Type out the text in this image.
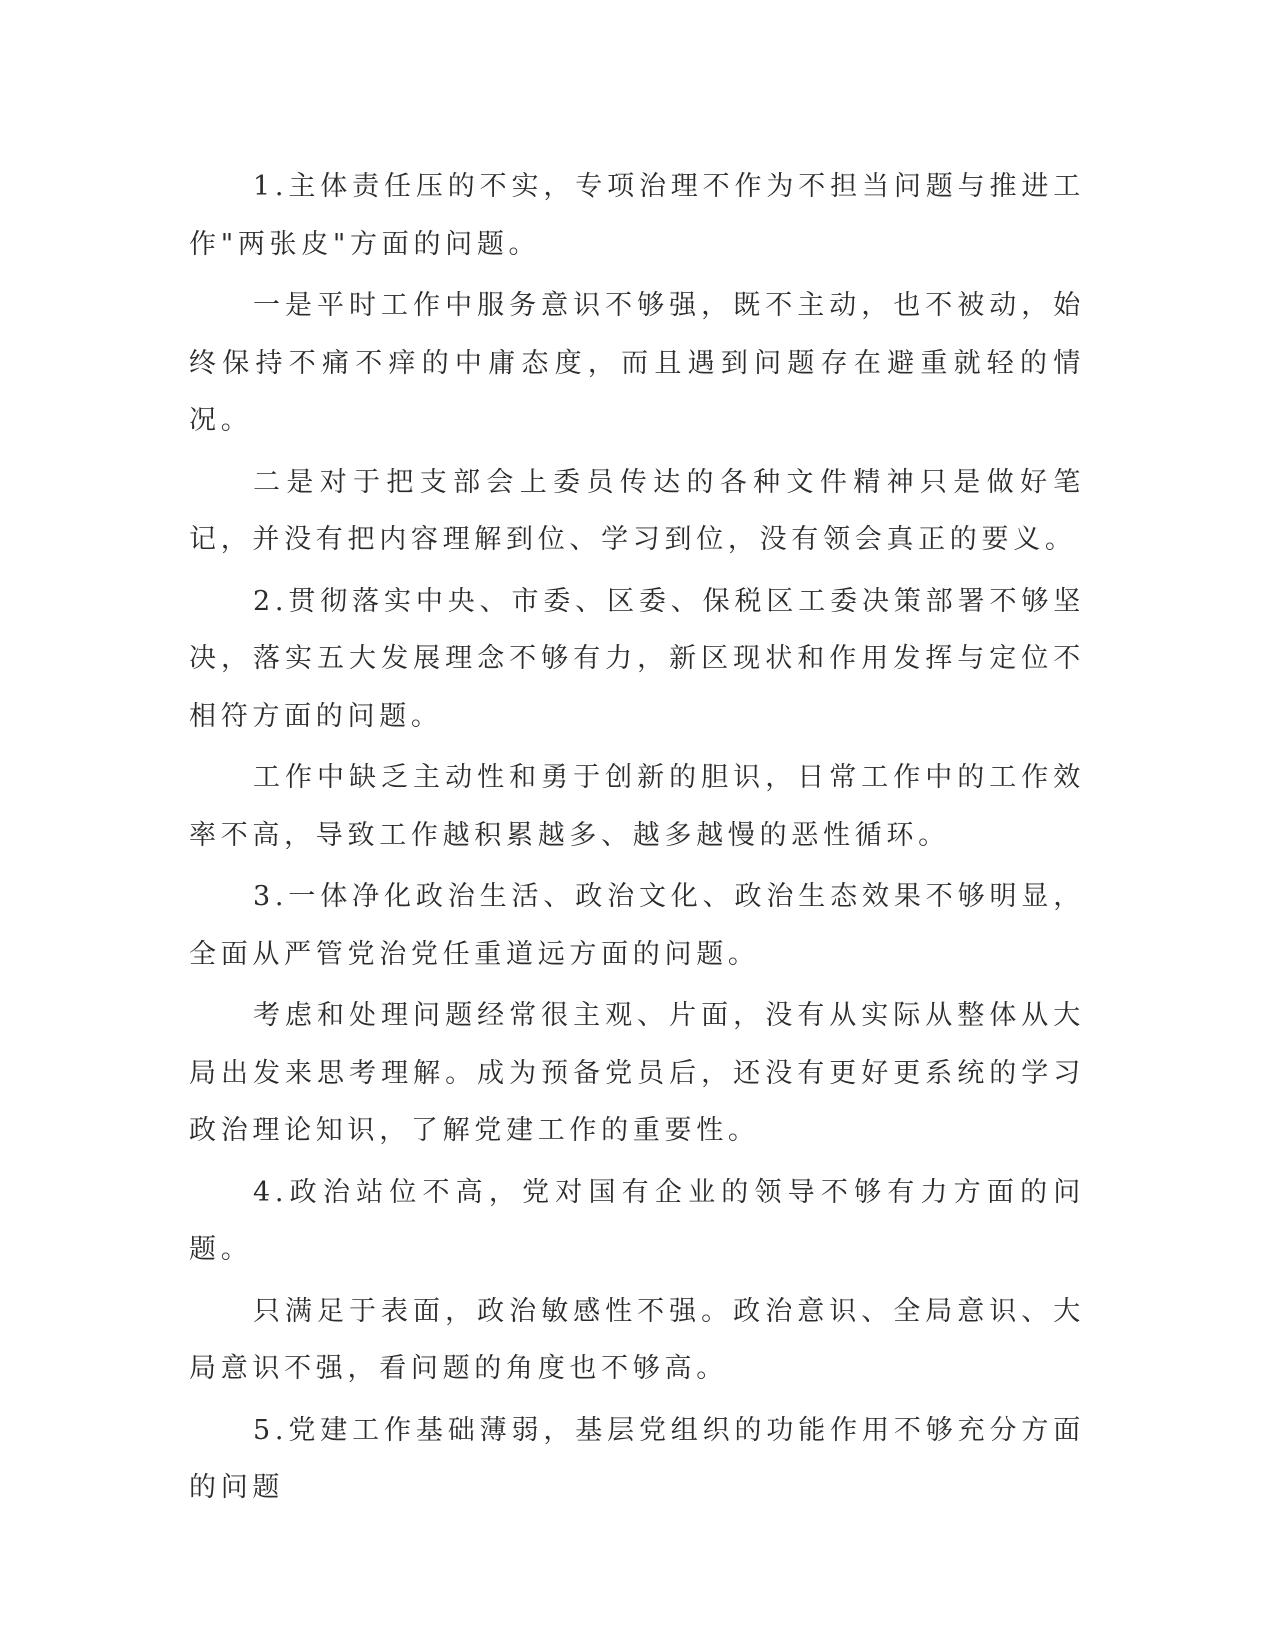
1.主体责任压的不实，专项治理不作为不担当问题与推进工作"两张皮"方面的问题。

一是平时工作中服务意识不够强，既不主动，也不被动，始终保持不痛不痒的中庸态度，而且遇到问题存在避重就轻的情况。

二是对于把支部会上委员传达的各种文件精神只是做好笔记，并没有把内容理解到位、学习到位，没有领会真正的要义。

2.贯彻落实中央、市委、区委、保税区工委决策部署不够坚决，落实五大发展理念不够有力，新区现状和作用发挥与定位不相符方面的问题。

工作中缺乏主动性和勇于创新的胆识，日常工作中的工作效率不高，导致工作越积累越多、越多越慢的恶性循环。

3.一体净化政治生活、政治文化、政治生态效果不够明显，全面从严管党治党任重道远方面的问题。

考虑和处理问题经常很主观、片面，没有从实际从整体从大局出发来思考理解。成为预备党员后，还没有更好更系统的学习政治理论知识，了解党建工作的重要性。

4.政治站位不高，党对国有企业的领导不够有力方面的问题。

只满足于表面，政治敏感性不强。政治意识、全局意识、大局意识不强，看问题的角度也不够高。

5.党建工作基础薄弱，基层党组织的功能作用不够充分方面的问题
